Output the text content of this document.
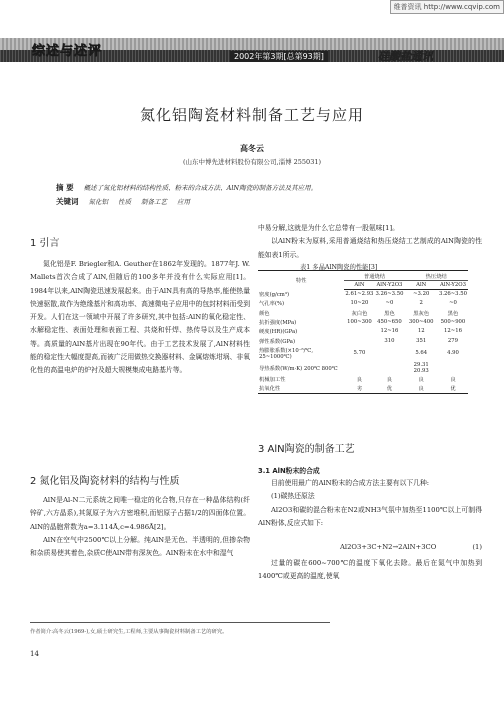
维普资讯 http://www.cqvip.com
综述与述评	2002年第3期[总第93期]	硅酸盐通讯
氮化铝陶瓷材料制备工艺与应用
高冬云
(山东中博先进材料股份有限公司,淄博 255031)
摘 要 概述了氮化铝材料的结构性质、粉末的合成方法、AlN陶瓷的制备方法及其应用。
关键词 氮化铝 性质 制备工艺 应用
1 引言

氮化铝是F. Briegler和A. Geuther在1862年发现的。1877年J. W. Mallets首次合成了AlN,但随后的100多年并没有什么实际应用[1]。1984年以来,AlN陶瓷迅速发展起来。由于AlN具有高的导热率,能使热量快速驱散,故作为绝缘基片和高功率、高速微电子应用中的包封材料而受到开发。人们在这一领域中开展了许多研究,其中包括:AlN的氧化稳定性、水解稳定性、表面处理和表面工程、共烧和钎焊、热传导以及生产成本等。高质量的AlN基片出现在90年代。由于工艺技术发展了,AlN材料性能的稳定性大幅度提高,而被广泛用做热交换器材料、金属熔炼坩埚、非氧化性的高温电炉的炉衬及超大规模集成电路基片等。

2 氮化铝及陶瓷材料的结构与性质

AlN是Al-N二元系统之间唯一稳定的化合物,只存在一种晶体结构(纤锌矿,六方晶系),其氮原子为六方密堆积,而铝原子占据1/2的四面体位置。AlN的晶胞常数为a=3.114Å,c=4.986Å[2]。

AlN在空气中2500℃以上分解。纯AlN是无色、半透明的,但掺杂物和杂质易使其着色,杂质C使AlN带有深灰色。AlN粉末在水中和湿气

中易分解,这就是为什么它总带有一股氨味[1]。

以AlN粉末为原料,采用普通烧结和热压烧结工艺制成的AlN陶瓷的性能如表1所示。

表1 多晶AlN陶瓷的性能[3]
特性	普通烧结		热压烧结	
	AlN	AlN-Y2O3	AlN	AlN-Y2O3
密度(g/cm³)	2.61~2.93	3.26~3.50	~3.20	3.26~3.50
气孔率(%)	10~20	~0	2	~0
颜色	灰白色	黑色	黑灰色	黑色
抗折强度(MPa)	100~300	450~650	300~400	500~900
硬度(HR)(GPa)		12~16	12	12~16
弹性系数(GPa)		310	351	279
热膨胀系数(×10⁻⁶/℃, 25~1000℃)	5.70		5.64	4.90
导热系数(W/m·K) 200℃ 800℃			29.31 20.93	
机械加工性	良	良	良	良
抗氧化性	劣	优	良	优
3 AlN陶瓷的制备工艺
3.1 AlN粉末的合成

目前使用最广的AlN粉末的合成方法主要有以下几种:

(1)碳热还原法

Al2O3和碳的混合粉末在N2或NH3气氛中加热至1100℃以上可制得AlN粉体,反应式如下:

Al2O3+3C+N2→2AlN+3CO	(1)

过量的碳在600~700℃的温度下氧化去除。最后在氮气中加热到1400℃或更高的温度,使氧

作者简介:高冬云(1969-),女,硕士研究生,工程师,主要从事陶瓷材料制备工艺的研究。
14
